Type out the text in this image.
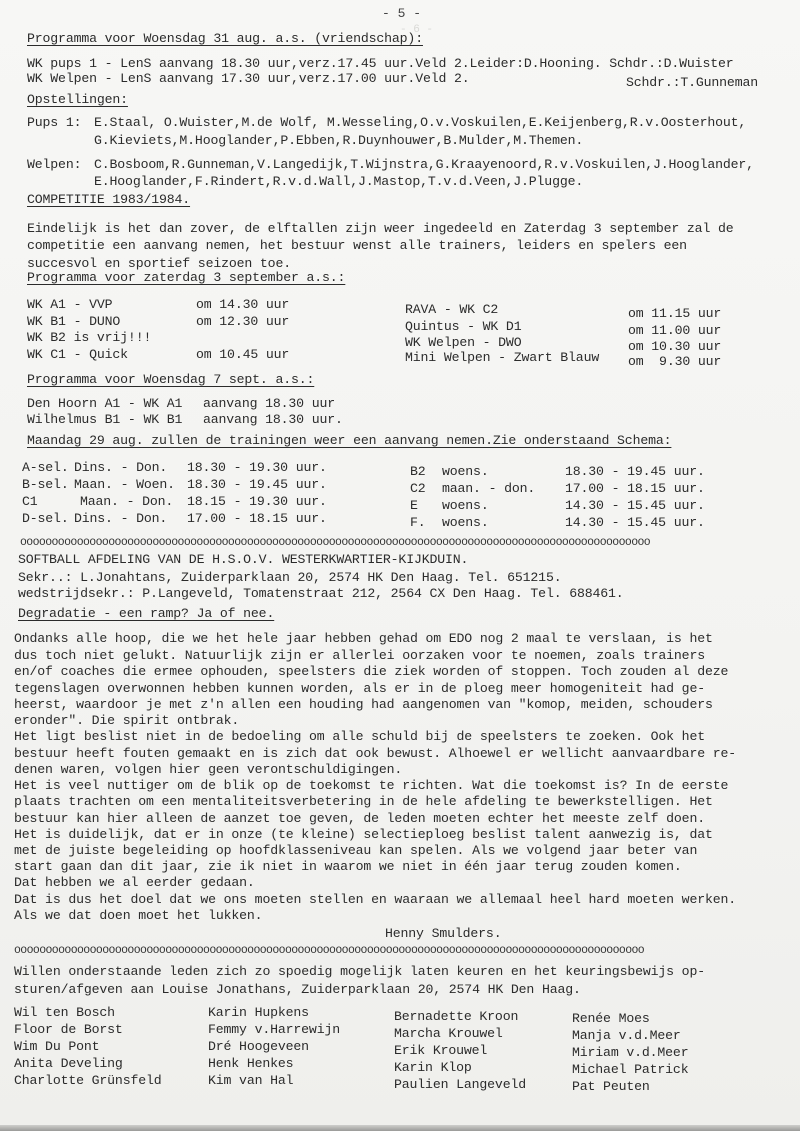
- 6 -
- 5 -
Programma voor Woensdag 31 aug. a.s. (vriendschap):
WK pups 1 - LenS aanvang 18.30 uur,verz.17.45 uur.Veld 2.Leider:D.Hooning. Schdr.:D.Wuister
WK Welpen - LenS aanvang 17.30 uur,verz.17.00 uur.Veld 2.	Schdr.:T.Gunneman
Opstellingen:
Pups 1: E.Staal, O.Wuister,M.de Wolf, M.Wesseling,O.v.Voskuilen,E.Keijenberg,R.v.Oosterhout,
G.Kieviets,M.Hooglander,P.Ebben,R.Duynhouwer,B.Mulder,M.Themen.
Welpen: C.Bosboom,R.Gunneman,V.Langedijk,T.Wijnstra,G.Kraayenoord,R.v.Voskuilen,J.Hooglander,
E.Hooglander,F.Rindert,R.v.d.Wall,J.Mastop,T.v.d.Veen,J.Plugge.
COMPETITIE 1983/1984.
Eindelijk is het dan zover, de elftallen zijn weer ingedeeld en Zaterdag 3 september zal de
competitie een aanvang nemen, het bestuur wenst alle trainers, leiders en spelers een
succesvol en sportief seizoen toe.
Programma voor zaterdag 3 september a.s.:
WK A1 - VVP	om 14.30 uur
WK B1 - DUNO	om 12.30 uur
WK B2 is vrij!!!
WK C1 - Quick	om 10.45 uur
RAVA - WK C2	om 11.15 uur
Quintus - WK D1	om 11.00 uur
WK Welpen - DWO	om 10.30 uur
Mini Welpen - Zwart Blauw om  9.30 uur
Programma voor Woensdag 7 sept. a.s.:
Den Hoorn A1 - WK A1 aanvang 18.30 uur
Wilhelmus B1 - WK B1 aanvang 18.30 uur.
Maandag 29 aug. zullen de trainingen weer een aanvang nemen.Zie onderstaand Schema:
A-sel. Dins. - Don. 18.30 - 19.30 uur.
B-sel. Maan. - Woen. 18.30 - 19.45 uur.
C1	Maan. - Don. 18.15 - 19.30 uur.
D-sel. Dins. - Don. 17.00 - 18.15 uur.
B2 woens.	18.30 - 19.45 uur.
C2 maan. - don. 17.00 - 18.15 uur.
E woens.	14.30 - 15.45 uur.
F. woens.	14.30 - 15.45 uur.
oooooooooooooooooooooooooooooooooooooooooooooooooooooooooooooooooooooooooooooooooooooooooooooooooooo
SOFTBALL AFDELING VAN DE H.S.O.V. WESTERKWARTIER-KIJKDUIN.
Sekr..: L.Jonahtans, Zuiderparklaan 20, 2574 HK Den Haag. Tel. 651215.
wedstrijdsekr.: P.Langeveld, Tomatenstraat 212, 2564 CX Den Haag. Tel. 688461.
Degradatie - een ramp? Ja of nee.
Ondanks alle hoop, die we het hele jaar hebben gehad om EDO nog 2 maal te verslaan, is het
dus toch niet gelukt. Natuurlijk zijn er allerlei oorzaken voor te noemen, zoals trainers
en/of coaches die ermee ophouden, speelsters die ziek worden of stoppen. Toch zouden al deze
tegenslagen overwonnen hebben kunnen worden, als er in de ploeg meer homogeniteit had ge-
heerst, waardoor je met z'n allen een houding had aangenomen van "komop, meiden, schouders
eronder". Die spirit ontbrak.
Het ligt beslist niet in de bedoeling om alle schuld bij de speelsters te zoeken. Ook het
bestuur heeft fouten gemaakt en is zich dat ook bewust. Alhoewel er wellicht aanvaardbare re-
denen waren, volgen hier geen verontschuldigingen.
Het is veel nuttiger om de blik op de toekomst te richten. Wat die toekomst is? In de eerste
plaats trachten om een mentaliteitsverbetering in de hele afdeling te bewerkstelligen. Het
bestuur kan hier alleen de aanzet toe geven, de leden moeten echter het meeste zelf doen.
Het is duidelijk, dat er in onze (te kleine) selectieploeg beslist talent aanwezig is, dat
met de juiste begeleiding op hoofdklasseniveau kan spelen. Als we volgend jaar beter van
start gaan dan dit jaar, zie ik niet in waarom we niet in één jaar terug zouden komen.
Dat hebben we al eerder gedaan.
Dat is dus het doel dat we ons moeten stellen en waaraan we allemaal heel hard moeten werken.
Als we dat doen moet het lukken.
Henny Smulders.
oooooooooooooooooooooooooooooooooooooooooooooooooooooooooooooooooooooooooooooooooooooooooooooooooooo
Willen onderstaande leden zich zo spoedig mogelijk laten keuren en het keuringsbewijs op-
sturen/afgeven aan Louise Jonathans, Zuiderparklaan 20, 2574 HK Den Haag.
Wil ten Bosch
Floor de Borst
Wim Du Pont
Anita Develing
Charlotte Grünsfeld
Karin Hupkens
Femmy v.Harrewijn
Dré Hoogeveen
Henk Henkes
Kim van Hal
Bernadette Kroon
Marcha Krouwel
Erik Krouwel
Karin Klop
Paulien Langeveld
Renée Moes
Manja v.d.Meer
Miriam v.d.Meer
Michael Patrick
Pat Peuten
